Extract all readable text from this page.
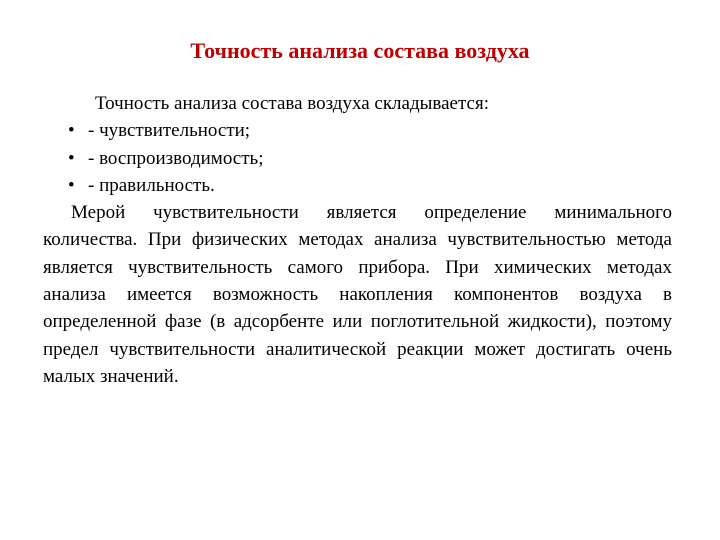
Точность анализа состава воздуха

Точность анализа состава воздуха складывается:

• - чувствительности;
• - воспроизводимость;
• - правильность.

Мерой чувствительности является определение минимального количества. При физических методах анализа чувствительностью метода является чувствительность самого прибора. При химических методах анализа имеется возможность накопления компонентов воздуха в определенной фазе (в адсорбенте или поглотительной жидкости), поэтому предел чувствительности аналитической реакции может достигать очень малых значений.
